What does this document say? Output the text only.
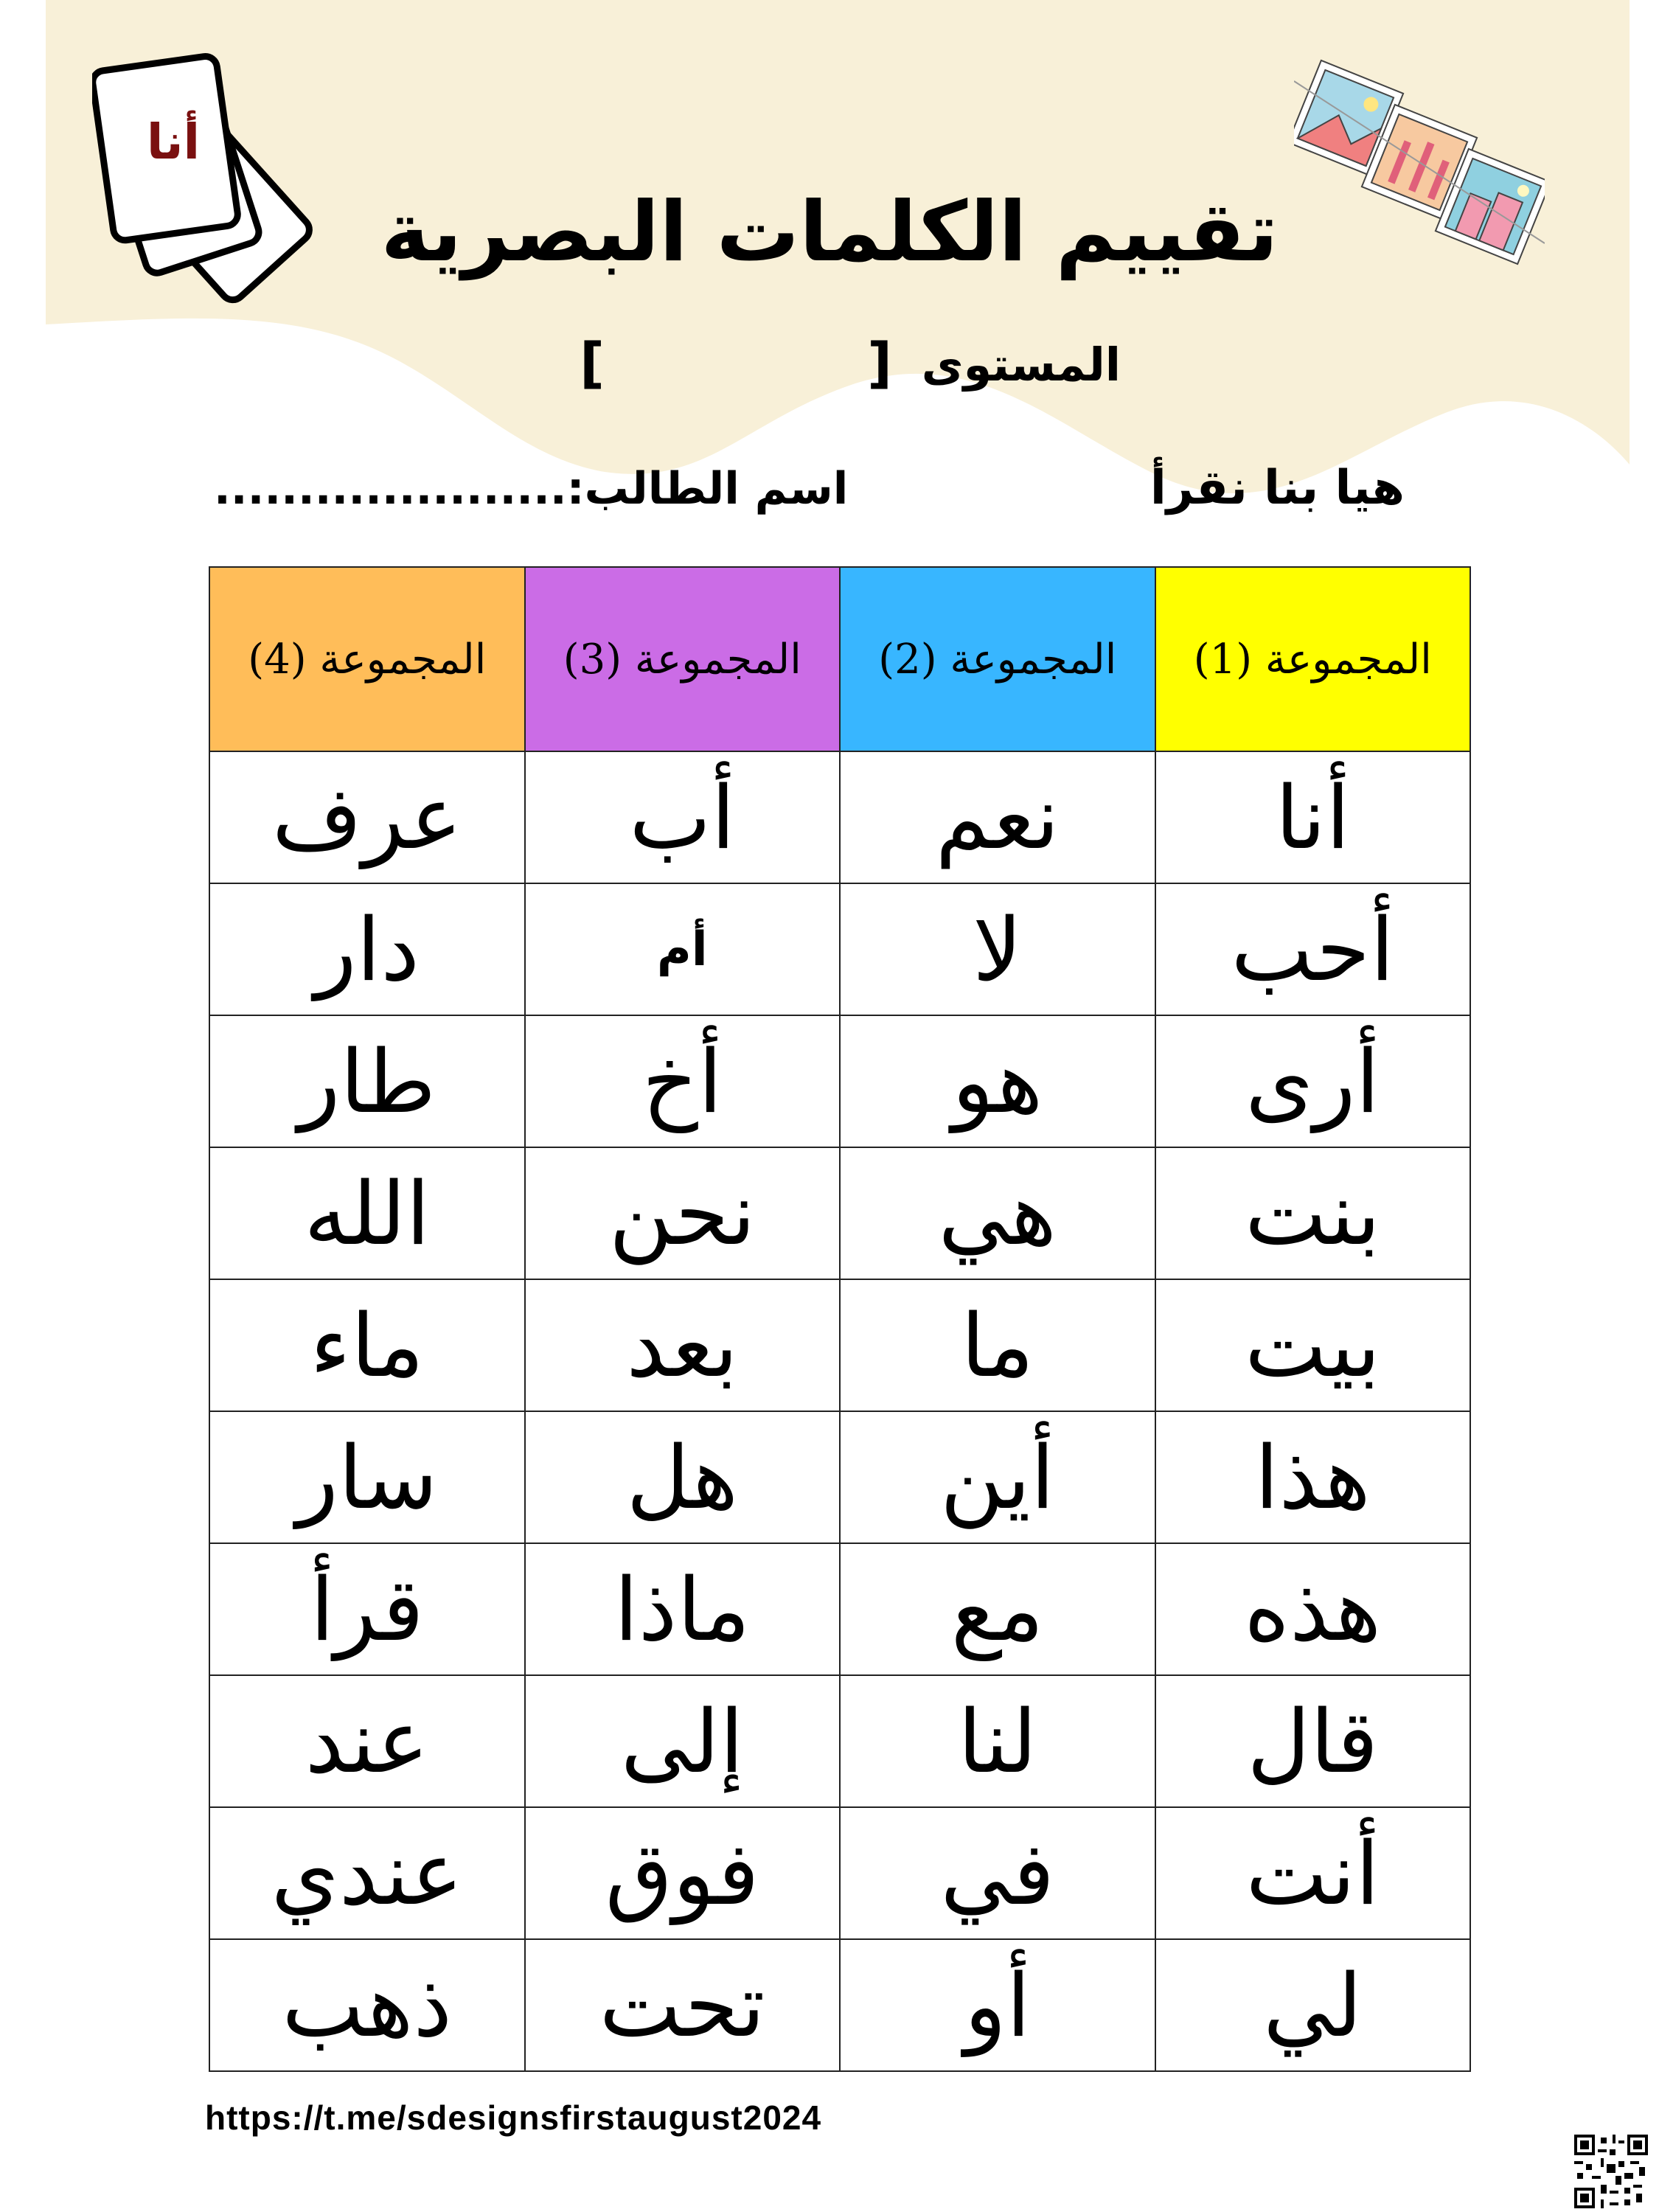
أنا
تقييم الكلمات البصرية
المستوى
[
]
هيا بنا نقرأ
اسم الطالب:.....................
المجموعة (1)	المجموعة (2)	المجموعة (3)	المجموعة (4)
أنا	نعم	أب	عرف
أحب	لا	أم	دار
أرى	هو	أخ	طار
بنت	هي	نحن	الله
بيت	ما	بعد	ماء
هذا	أين	هل	سار
هذه	مع	ماذا	قرأ
قال	لنا	إلى	عند
أنت	في	فوق	عندي
لي	أو	تحت	ذهب
https://t.me/sdesignsfirstaugust2024
